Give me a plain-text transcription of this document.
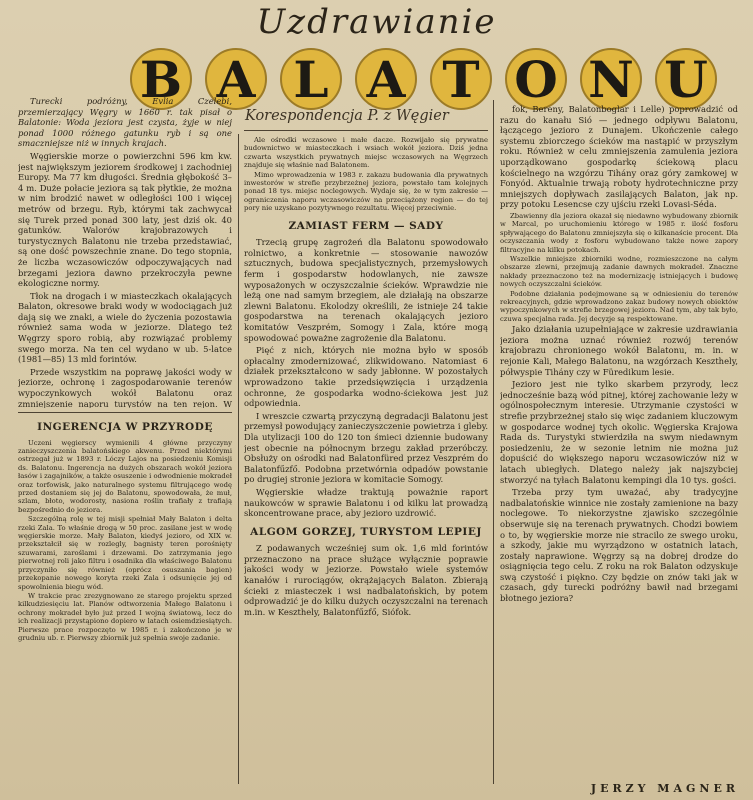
Uzdrawianie
B A L A T O N U
Korespondencja P. z Węgier

Turecki podróżny, Evlia Czelebi, przemierzający Węgry w 1660 r. tak pisał o Balatonie: Woda jeziora jest czysta, żyje w niej ponad 1000 różnego gatunku ryb i są one smaczniejsze niż w innych krajach.

Węgierskie morze o powierzchni 596 km kw. jest największym jeziorem środkowej i zachodniej Europy. Ma 77 km długości. Średnia głębokość 3–4 m. Duże połacie jeziora są tak płytkie, że można w nim brodzić nawet w odległości 100 i więcej metrów od brzegu. Ryb, którymi tak zachwycał się Turek przed ponad 300 laty, jest dziś ok. 40 gatunków. Walorów krajobrazowych i turystycznych Balatonu nie trzeba przedstawiać, są one dość powszechnie znane. Do tego stopnia, że liczba wczasowiczów odpoczywających nad brzegami jeziora dawno przekroczyła pewne ekologiczne normy.

Tłok na drogach i w miasteczkach okalających Balaton, okresowe braki wody w wodociągach już dają się we znaki, a wiele do życzenia pozostawia również sama woda w jeziorze. Dlatego też Węgrzy sporo robią, aby rozwiązać problemy swego morza. Na ten cel wydano w ub. 5-latce (1981—85) 13 mld forintów.

Przede wszystkim na poprawę jakości wody w jeziorze, ochronę i zagospodarowanie terenów wypoczynkowych wokół Balatonu oraz zmniejszenie naporu turystów na ten rejon. W

INGERENCJA W PRZYRODĘ

Uczeni węgierscy wymienili 4 główne przyczyny zanieczyszczenia balatońskiego akwenu. Przed niektórymi ostrzegał już w 1893 r. Lóczy Lajos na posiedzeniu Komisji ds. Balatonu. Ingerencja na dużych obszarach wokół jeziora łasów i zagajników, a także osuszenie i odwodnienie mokradeł oraz torfowisk, jako naturalnego systemu filtrującego wodę przed dostaniem się jej do Balatonu, spowodowała, że muł, szlam, błoto, wodorosty, nasiona roślin trafiały z trafiają bezpośrednio do jeziora.

Szczególną rolę w tej misji spełniał Mały Balaton i delta rzeki Zala. To właśnie drogą w 50 proc. zasilane jest w wodę węgierskie morze. Mały Balaton, kiedyś jezioro, od XIX w. przekształcił się w rozlegly, bagnisty teren porośnięty szuwarami, zaroślami i drzewami. Do zatrzymania jego pierwotnej roli jako filtru i osadnika dla właściwego Balatonu przyczyniło się również (oprócz osuszania bagien) przekopanie nowego koryta rzeki Zala i odsunięcie jej od spowolnienia biegu wód.

W trakcie prac zrezygnowano ze starego projektu sprzed kilkudziesięciu lat. Planów odtworzenia Małego Balatonu i ochrony mokradeł było już przed I wojną światową, lecz do ich realizacji przystąpiono dopiero w latach osiemdziesiątych. Pierwsze prace rozpoczęto w 1985 r. i zakończono je w grudniu ub. r. Pierwszy zbiornik już spełnia swoje zadanie.

Ale ośrodki wczasowe i małe dacze. Rozwijało się prywatne budownictwo w miasteczkach i wsiach wokół jeziora. Dziś jedna czwarta wszystkich prywatnych miejsc wczasowych na Węgrzech znajduje się właśnie nad Balatonem.

Mimo wprowadzenia w 1983 r. zakazu budowania dla prywatnych inwestorów w strefie przybrzeżnej jeziora, powstało tam kolejnych ponad 18 tys. miejsc noclegowych. Wydaje się, że w tym zakresie — ograniczenia naporu wczasowiczów na przeciążony region — do tej pory nie uzyskano pozytywnego rezultatu. Więcej przeciwnie.

ZAMIAST FERM — SADY

Trzecią grupę zagrożeń dla Balatonu spowodowało rolnictwo, a konkretnie — stosowanie nawozów sztucznych, budowa specjalistycznych, przemysłowych ferm i gospodarstw hodowlanych, nie zawsze wyposażonych w oczyszczalnie ścieków. Wprawdzie nie leżą one nad samym brzegiem, ale działają na obszarze zlewni Balatonu. Ekolodzy określili, że istnieje 24 takie gospodarstwa na terenach okalających jezioro komitatów Veszprém, Somogy i Zala, które mogą spowodować poważne zagrożenie dla Balatonu.

Pięć z nich, których nie można było w sposób opłacalny zmodernizować, zlikwidowano. Natomiast 6 działek przekształcono w sady jabłonne. W pozostałych wprowadzono takie przedsięwzięcia i urządzenia ochronne, że gospodarka wodno-ściekowa jest już odpowiednia.

I wreszcie czwartą przyczyną degradacji Balatonu jest przemysł powodujący zanieczyszczenie powietrza i gleby. Dla utylizacji 100 do 120 ton śmieci dziennie budowany jest obecnie na północnym brzegu zakład przeróbczy. Obsłuży on ośrodki nad Balatonfüred przez Veszprém do Balatonfűzfő. Podobna przetwórnia odpadów powstanie po drugiej stronie jeziora w komitacie Somogy.

Węgierskie władze traktują poważnie raport naukowców w sprawie Balatonu i od kilku lat prowadzą skoncentrowane prace, aby jezioro uzdrowić.

ALGOM GORZEJ, TURYSTOM LEPIEJ

Z podawanych wcześniej sum ok. 1,6 mld forintów przeznaczono na prace służące wyłącznie poprawie jakości wody w jeziorze. Powstało wiele systemów kanałów i rurociągów, okrążających Balaton. Zbierają ścieki z miasteczek i wsi nadbalatońskich, by potem odprowadzić je do kilku dużych oczyszczalni na terenach m.in. w Keszthely, Balatonfűzfő, Siófok.

fok, Bereny, Balatonboglar i Lelle) poprowadzić od razu do kanału Sió — jednego odpływu Balatonu, łączącego jezioro z Dunajem. Ukończenie całego systemu zbiorczego ścieków ma nastąpić w przyszłym roku. Również w celu zmniejszenia zamulenia jeziora uporządkowano gospodarkę ściekową placu kościelnego na wzgórzu Tihány oraz góry zamkowej w Fonyód. Aktualnie trwają roboty hydrotechniczne przy mniejszych dopływach zasilających Balaton, jak np. przy potoku Lesencse czy ujściu rzeki Lovasi-Séda.

Zbawienny dla jeziora okazał się niedawno wybudowany zbiornik w Marcal, po uruchomieniu którego w 1985 r. ilość fosforu spływającego do Balatonu zmniejszyła się o kilkanaście procent. Dla oczyszczania wody z fosforu wybudowano także nowe zapory filtracyjne na kilku potokach.

Wszelkie mniejsze zbiorniki wodne, rozmieszczone na całym obszarze zlewni, przejmują zadanie dawnych mokradeł. Znaczne nakłady przeznaczono też na modernizację istniejących i budowę nowych oczyszczalni ścieków.

Podobne działania podejmowane są w odniesieniu do terenów rekreacyjnych, gdzie wprowadzono zakaz budowy nowych obiektów wypoczynkowych w strefie brzegowej jeziora. Nad tym, aby tak było, czuwa specjalna rada. Jej decyzje są respektowane.

Jako działania uzupełniające w zakresie uzdrawiania jeziora można uznać również rozwój terenów krajobrazu chronionego wokół Balatonu, m. in. w rejonie Kali, Małego Balatonu, na wzgórzach Keszthely, półwyspie Tihány czy w Füredikum lesie.

Jezioro jest nie tylko skarbem przyrody, lecz jednocześnie bazą wód pitnej, której zachowanie leży w ogólnospołecznym interesie. Utrzymanie czystości w strefie przybrzeżnej stało się więc zadaniem kluczowym w gospodarce wodnej tych okolic. Węgierska Krajowa Rada ds. Turystyki stwierdziła na swym niedawnym posiedzeniu, że w sezonie letnim nie można już dopuścić do większego naporu wczasowiczów niż w latach ubiegłych. Dlatego należy jak najszybciej stworzyć na tyłach Balatonu kempingi dla 10 tys. gości.

Trzeba przy tym uważać, aby tradycyjne nadbalatońskie winnice nie zostały zamienione na bazy noclegowe. To niekorzystne zjawisko szczególnie obserwuje się na terenach prywatnych. Chodzi bowiem o to, by węgierskie morze nie stracilo ze swego uroku, a szkody, jakie mu wyrządzono w ostatnich latach, zostały naprawione. Węgrzy są na dobrej drodze do osiągnięcia tego celu. Z roku na rok Balaton odzyskuje swą czystość i piękno. Czy będzie on znów taki jak w czasach, gdy turecki podróżny bawił nad brzegami błotnego jeziora?

JERZY MAGNER
